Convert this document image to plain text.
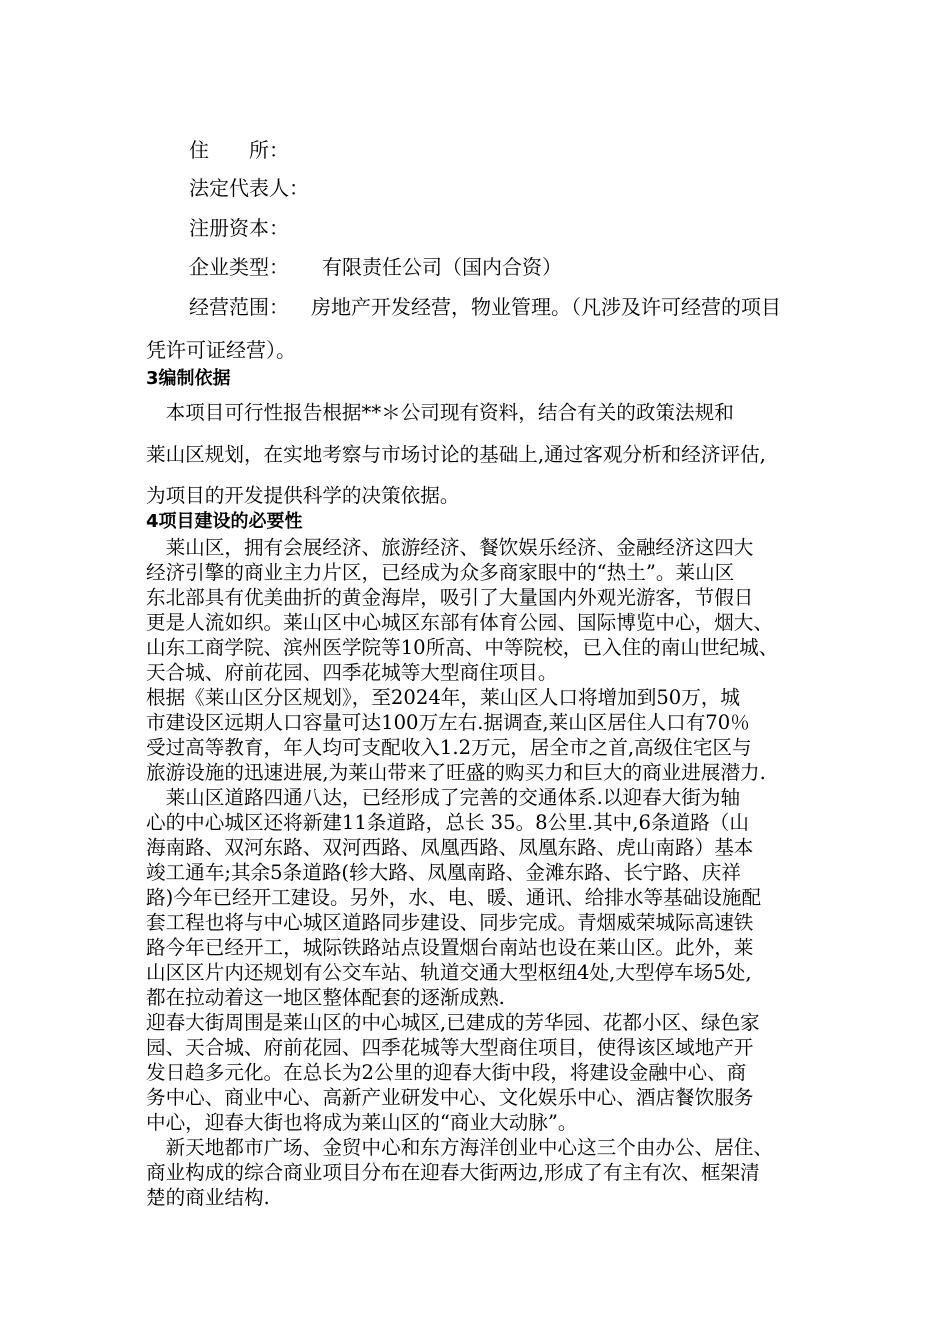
住　　所：
法定代表人：
注册资本：
企业类型： 有限责任公司（国内合资）
经营范围： 房地产开发经营，物业管理。（凡涉及许可经营的项目
凭许可证经营）。
3编制依据
　本项目可行性报告根据**＊公司现有资料，结合有关的政策法规和
莱山区规划，在实地考察与市场讨论的基础上,通过客观分析和经济评估,
为项目的开发提供科学的决策依据。
4项目建设的必要性
　莱山区，拥有会展经济、旅游经济、餐饮娱乐经济、金融经济这四大
经济引擎的商业主力片区，已经成为众多商家眼中的“热土”。莱山区
东北部具有优美曲折的黄金海岸，吸引了大量国内外观光游客，节假日
更是人流如织。莱山区中心城区东部有体育公园、国际博览中心，烟大、
山东工商学院、滨州医学院等10所高、中等院校，已入住的南山世纪城、
天合城、府前花园、四季花城等大型商住项目。
根据《莱山区分区规划》，至2024年，莱山区人口将增加到50万，城
市建设区远期人口容量可达100万左右.据调查,莱山区居住人口有70％
受过高等教育，年人均可支配收入1.2万元，居全市之首,高级住宅区与
旅游设施的迅速进展,为莱山带来了旺盛的购买力和巨大的商业进展潜力.
　莱山区道路四通八达，已经形成了完善的交通体系.以迎春大街为轴
心的中心城区还将新建11条道路，总长 35。8公里.其中,6条道路（山
海南路、双河东路、双河西路、凤凰西路、凤凰东路、虎山南路）基本
竣工通车;其余5条道路(轸大路、凤凰南路、金滩东路、长宁路、庆祥
路)今年已经开工建设。另外，水、电、暖、通讯、给排水等基础设施配
套工程也将与中心城区道路同步建设、同步完成。青烟威荣城际高速铁
路今年已经开工，城际铁路站点设置烟台南站也设在莱山区。此外，莱
山区区片内还规划有公交车站、轨道交通大型枢纽4处,大型停车场5处,
都在拉动着这一地区整体配套的逐渐成熟.
迎春大街周围是莱山区的中心城区,已建成的芳华园、花都小区、绿色家
园、天合城、府前花园、四季花城等大型商住项目，使得该区域地产开
发日趋多元化。在总长为2公里的迎春大街中段，将建设金融中心、商
务中心、商业中心、高新产业研发中心、文化娱乐中心、酒店餐饮服务
中心，迎春大街也将成为莱山区的“商业大动脉”。
　新天地都市广场、金贸中心和东方海洋创业中心这三个由办公、居住、
商业构成的综合商业项目分布在迎春大街两边,形成了有主有次、框架清
楚的商业结构.
